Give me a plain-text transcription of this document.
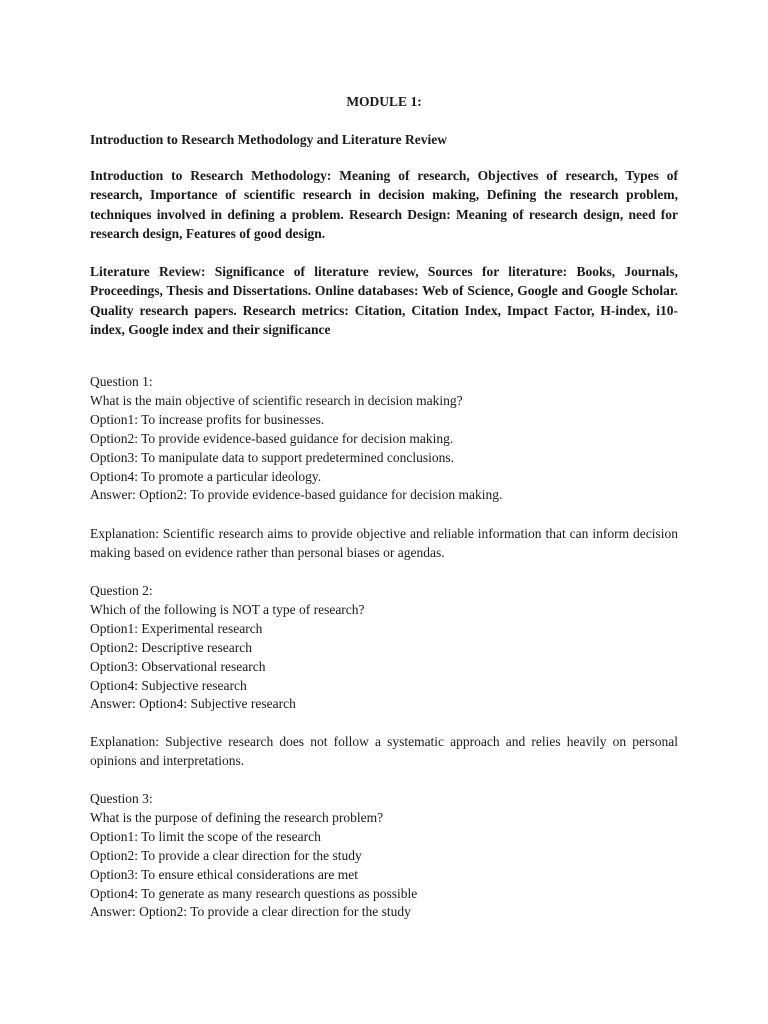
MODULE 1:

Introduction to Research Methodology and Literature Review

Introduction to Research Methodology: Meaning of research, Objectives of research, Types of research, Importance of scientific research in decision making, Defining the research problem, techniques involved in defining a problem. Research Design: Meaning of research design, need for research design, Features of good design.

Literature Review: Significance of literature review, Sources for literature: Books, Journals, Proceedings, Thesis and Dissertations. Online databases: Web of Science, Google and Google Scholar. Quality research papers. Research metrics: Citation, Citation Index, Impact Factor, H-index, i10-index, Google index and their significance

Question 1:
What is the main objective of scientific research in decision making?
Option1: To increase profits for businesses.
Option2: To provide evidence-based guidance for decision making.
Option3: To manipulate data to support predetermined conclusions.
Option4: To promote a particular ideology.
Answer: Option2: To provide evidence-based guidance for decision making.

Explanation: Scientific research aims to provide objective and reliable information that can inform decision making based on evidence rather than personal biases or agendas.

Question 2:
Which of the following is NOT a type of research?
Option1: Experimental research
Option2: Descriptive research
Option3: Observational research
Option4: Subjective research
Answer: Option4: Subjective research

Explanation: Subjective research does not follow a systematic approach and relies heavily on personal opinions and interpretations.

Question 3:
What is the purpose of defining the research problem?
Option1: To limit the scope of the research
Option2: To provide a clear direction for the study
Option3: To ensure ethical considerations are met
Option4: To generate as many research questions as possible
Answer: Option2: To provide a clear direction for the study
